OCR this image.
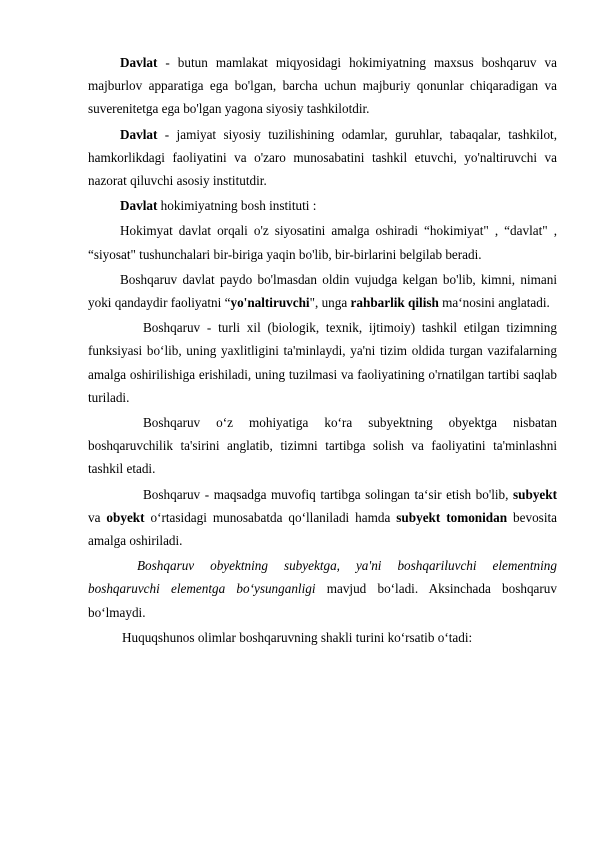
Davlat - butun mamlakat miqyosidagi hokimiyatning maxsus boshqaruv va majburlov apparatiga ega bo'lgan, barcha uchun majburiy qonunlar chiqaradigan va suverenitetga ega bo'lgan yagona siyosiy tashkilotdir.

Davlat - jamiyat siyosiy tuzilishining odamlar, guruhlar, tabaqalar, tashkilot, hamkorlikdagi faoliyatini va o'zaro munosabatini tashkil etuvchi, yo'naltiruvchi va nazorat qiluvchi asosiy institutdir.

Davlat hokimiyatning bosh instituti :

Hokimyat davlat orqali o'z siyosatini amalga oshiradi “hokimiyat" , “davlat" , “siyosat" tushunchalari bir-biriga yaqin bo'lib, bir-birlarini belgilab beradi.

Boshqaruv davlat paydo bo'lmasdan oldin vujudga kelgan bo'lib, kimni, nimani yoki qandaydir faoliyatni “yo'naltiruvchi", unga rahbarlik qilish ma‘nosini anglatadi.

Boshqaruv - turli xil (biologik, texnik, ijtimoiy) tashkil etilgan tizimning funksiyasi bo‘lib, uning yaxlitligini ta'minlaydi, ya'ni tizim oldida turgan vazifalarning amalga oshirilishiga erishiladi, uning tuzilmasi va faoliyatining o'rnatilgan tartibi saqlab turiladi.

Boshqaruv o‘z mohiyatiga ko‘ra subyektning obyektga nisbatan boshqaruvchilik ta'sirini anglatib, tizimni tartibga solish va faoliyatini ta'minlashni tashkil etadi.

Boshqaruv - maqsadga muvofiq tartibga solingan ta‘sir etish bo'lib, subyekt va obyekt o‘rtasidagi munosabatda qo‘llaniladi hamda subyekt tomonidan bevosita amalga oshiriladi.

Boshqaruv obyektning subyektga, ya'ni boshqariluvchi elementning boshqaruvchi elementga bo‘ysunganligi mavjud bo‘ladi. Aksinchada boshqaruv bo‘lmaydi.

Huquqshunos olimlar boshqaruvning shakli turini ko‘rsatib o‘tadi:
